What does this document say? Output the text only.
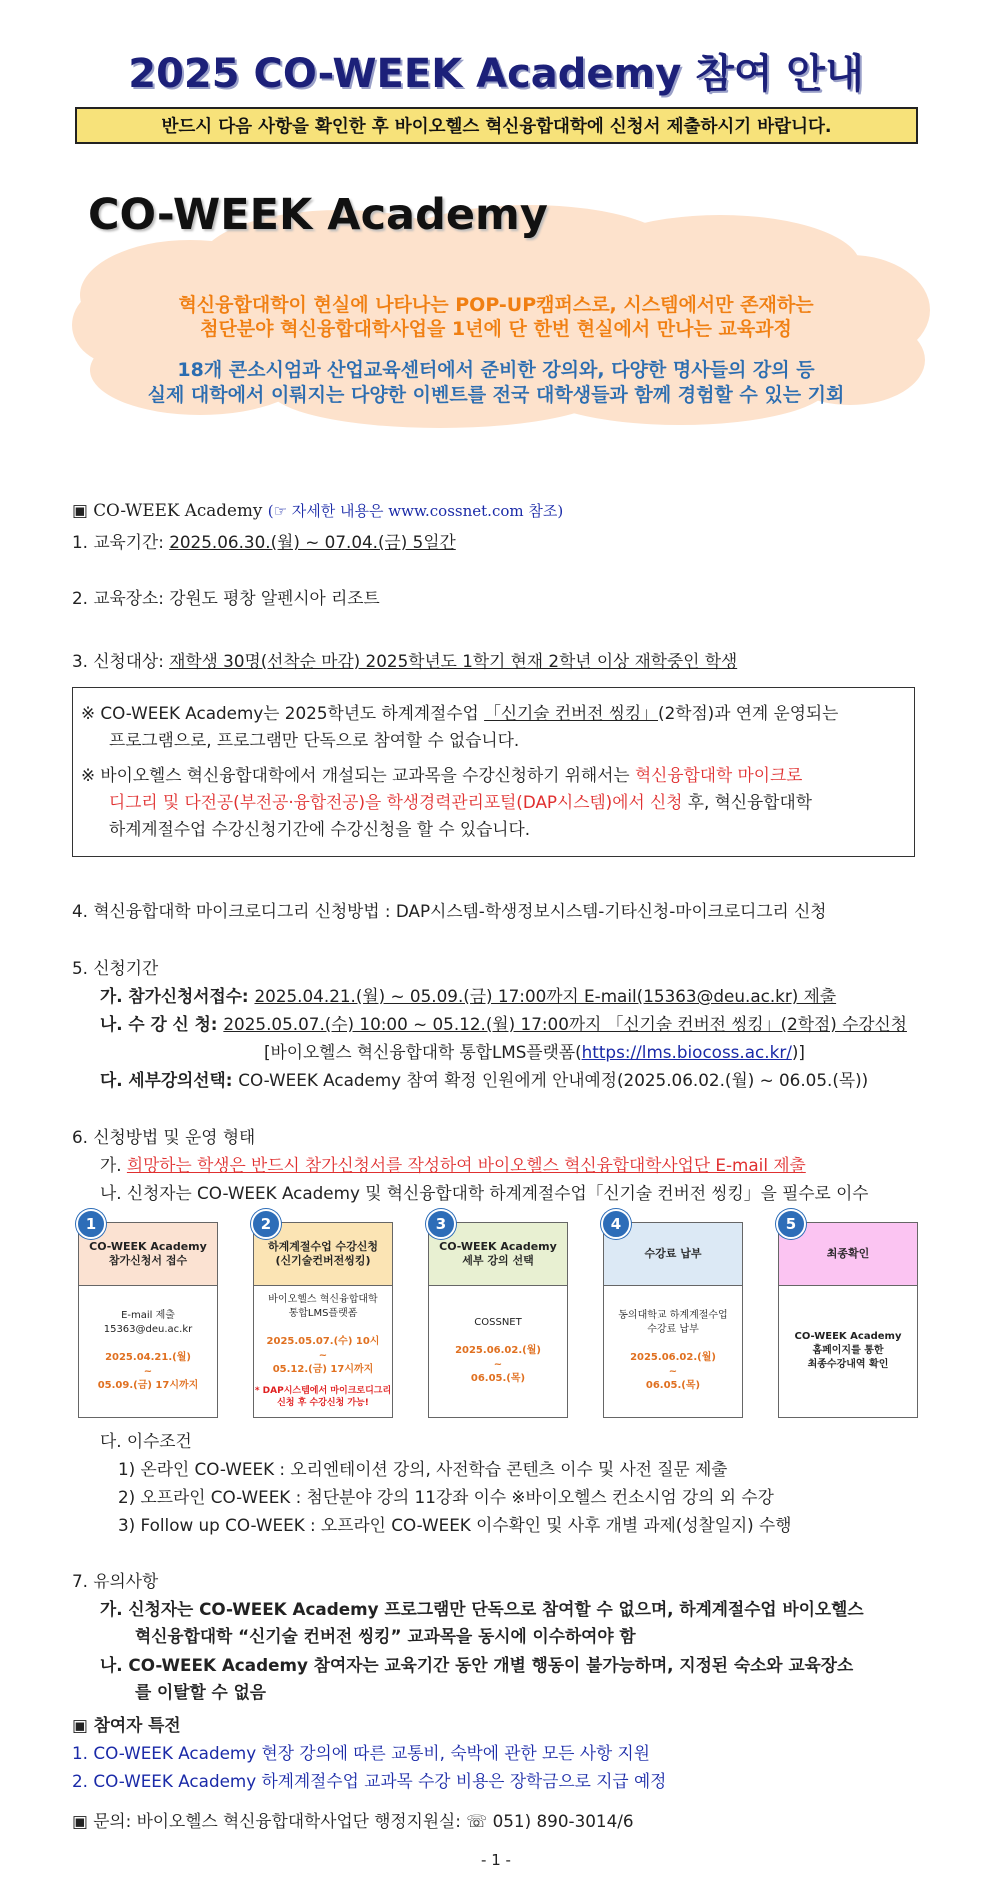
2025 CO-WEEK Academy 참여 안내
반드시 다음 사항을 확인한 후 바이오헬스 혁신융합대학에 신청서 제출하시기 바랍니다.
CO-WEEK Academy
혁신융합대학이 현실에 나타나는 POP-UP캠퍼스로, 시스템에서만 존재하는
첨단분야 혁신융합대학사업을 1년에 단 한번 현실에서 만나는 교육과정
18개 콘소시엄과 산업교육센터에서 준비한 강의와, 다양한 명사들의 강의 등
실제 대학에서 이뤄지는 다양한 이벤트를 전국 대학생들과 함께 경험할 수 있는 기회
▣ CO-WEEK Academy (☞ 자세한 내용은 www.cossnet.com 참조)
1. 교육기간: 2025.06.30.(월) ~ 07.04.(금) 5일간
2. 교육장소: 강원도 평창 알펜시아 리조트
3. 신청대상: 재학생 30명(선착순 마감) 2025학년도 1학기 현재 2학년 이상 재학중인 학생

※ CO-WEEK Academy는 2025학년도 하계계절수업 「신기술 컨버전 씽킹」(2학점)과 연계 운영되는

프로그램으로, 프로그램만 단독으로 참여할 수 없습니다.

※ 바이오헬스 혁신융합대학에서 개설되는 교과목을 수강신청하기 위해서는 혁신융합대학 마이크로

디그리 및 다전공(부전공·융합전공)을 학생경력관리포털(DAP시스템)에서 신청 후, 혁신융합대학

하계계절수업 수강신청기간에 수강신청을 할 수 있습니다.

4. 혁신융합대학 마이크로디그리 신청방법 : DAP시스템-학생정보시스템-기타신청-마이크로디그리 신청
5. 신청기간
가. 참가신청서접수: 2025.04.21.(월) ~ 05.09.(금) 17:00까지 E-mail(15363@deu.ac.kr) 제출
나. 수 강 신 청: 2025.05.07.(수) 10:00 ~ 05.12.(월) 17:00까지 「신기술 컨버전 씽킹」(2학점) 수강신청
[바이오헬스 혁신융합대학 통합LMS플랫폼(https://lms.biocoss.ac.kr/)]
다. 세부강의선택: CO-WEEK Academy 참여 확정 인원에게 안내예정(2025.06.02.(월) ~ 06.05.(목))
6. 신청방법 및 운영 형태
가. 희망하는 학생은 반드시 참가신청서를 작성하여 바이오헬스 혁신융합대학사업단 E-mail 제출
나. 신청자는 CO-WEEK Academy 및 혁신융합대학 하계계절수업「신기술 컨버전 씽킹」을 필수로 이수
CO-WEEK Academy
참가신청서 접수
E-mail 제출
15363@deu.ac.kr
2025.04.21.(월)
~
05.09.(금) 17시까지
1
하계계절수업 수강신청
(신기술컨버전씽킹)
바이오헬스 혁신융합대학
통합LMS플랫폼
2025.05.07.(수) 10시
~
05.12.(금) 17시까지
* DAP시스템에서 마이크로디그리
신청 후 수강신청 가능!
2
CO-WEEK Academy
세부 강의 선택
COSSNET
2025.06.02.(월)
~
06.05.(목)
3
수강료 납부
동의대학교 하계계절수업
수강료 납부
2025.06.02.(월)
~
06.05.(목)
4
최종확인
CO-WEEK Academy
홈페이지를 통한
최종수강내역 확인
5
다. 이수조건
1) 온라인 CO-WEEK : 오리엔테이션 강의, 사전학습 콘텐츠 이수 및 사전 질문 제출
2) 오프라인 CO-WEEK : 첨단분야 강의 11강좌 이수 ※바이오헬스 컨소시엄 강의 외 수강
3) Follow up CO-WEEK : 오프라인 CO-WEEK 이수확인 및 사후 개별 과제(성찰일지) 수행
7. 유의사항
가. 신청자는 CO-WEEK Academy 프로그램만 단독으로 참여할 수 없으며, 하계계절수업 바이오헬스
혁신융합대학 “신기술 컨버전 씽킹” 교과목을 동시에 이수하여야 함
나. CO-WEEK Academy 참여자는 교육기간 동안 개별 행동이 불가능하며, 지정된 숙소와 교육장소
를 이탈할 수 없음
▣ 참여자 특전
1. CO-WEEK Academy 현장 강의에 따른 교통비, 숙박에 관한 모든 사항 지원
2. CO-WEEK Academy 하계계절수업 교과목 수강 비용은 장학금으로 지급 예정
▣ 문의: 바이오헬스 혁신융합대학사업단 행정지원실: ☏ 051) 890-3014/6
- 1 -
